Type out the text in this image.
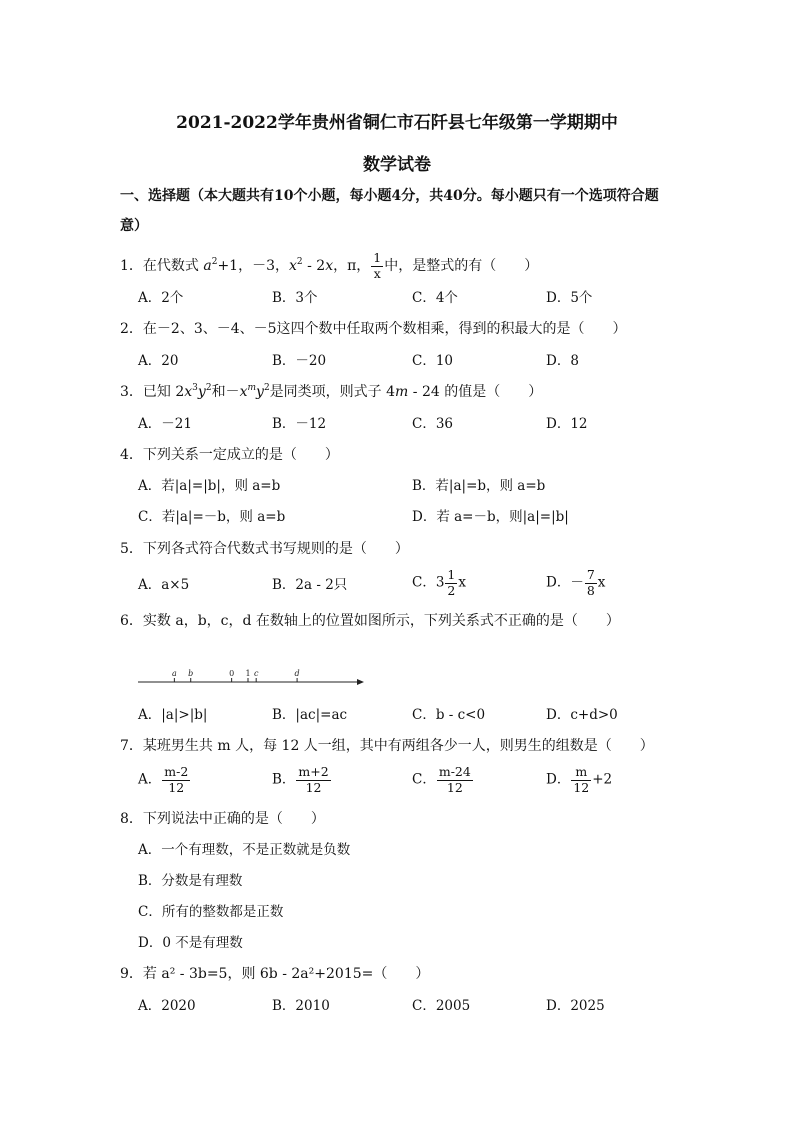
2021-2022学年贵州省铜仁市石阡县七年级第一学期期中
数学试卷
一、选择题（本大题共有10个小题，每小题4分，共40分。每小题只有一个选项符合题
意）
1．在代数式 $a^2+1$，－3，$x^2 - 2x$，π， $\frac{1}{x}$ 中，是整式的有（　　）
A．2个	B．3个	C．4个	D．5个
2．在－2、3、－4、－5这四个数中任取两个数相乘，得到的积最大的是（　　）
A．20	B．－20	C．10	D．8
3．已知 $2x^3y^2$和$-x^my^2$是同类项，则式子 4m - 24 的值是（　　）
A．－21	B．－12	C．36	D．12
4．下列关系一定成立的是（　　）
A．若|a|=|b|，则 a=b	B．若|a|=b，则 a=b
C．若|a|=－b，则 a=b	D．若 a=－b，则|a|=|b|
5．下列各式符合代数式书写规则的是（　　）
A．a×5	B．2a - 2只	C．$3 \frac{1}{2}$ x	D．－ $\frac{7}{8}$ x
6．实数 a，b，c，d 在数轴上的位置如图所示，下列关系式不正确的是（　　）
a b	0 1 c	d
A．|a|>|b|	B．|ac|=ac	C．b - c<0	D．c+d>0
7．某班男生共 m 人，每 12 人一组，其中有两组各少一人，则男生的组数是（　　）
A． $\frac{m-2}{12}$	B． $\frac{m+2}{12}$	C． $\frac{m-24}{12}$	D． $\frac{m}{12} +2$
8．下列说法中正确的是（　　）
A．一个有理数，不是正数就是负数
B．分数是有理数
C．所有的整数都是正数
D．0 不是有理数
9．若 a² - 3b=5，则 6b - 2a²+2015=（　　）
A．2020	B．2010	C．2005	D．2025
